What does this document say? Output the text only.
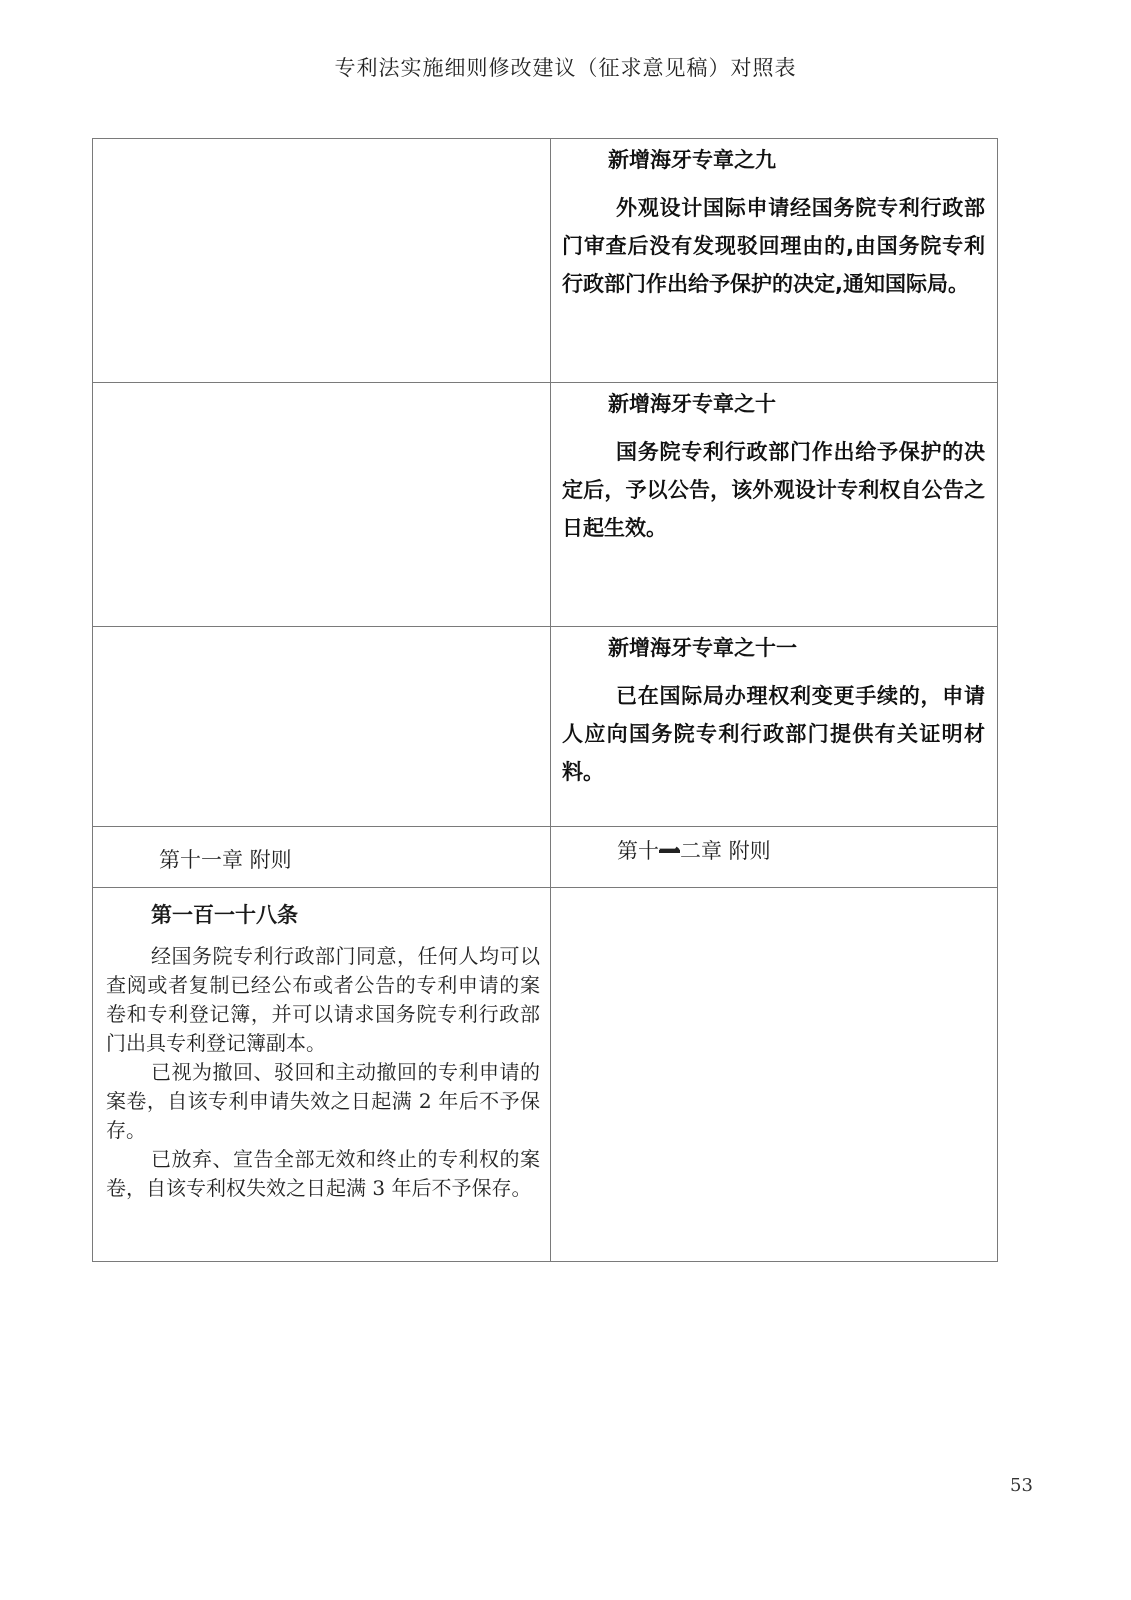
专利法实施细则修改建议（征求意见稿）对照表

	新增海牙专章之九
外观设计国际申请经国务院专利行政部门审查后没有发现驳回理由的,由国务院专利行政部门作出给予保护的决定,通知国际局。

	新增海牙专章之十
国务院专利行政部门作出给予保护的决定后，予以公告，该外观设计专利权自公告之日起生效。

	新增海牙专章之十一
已在国际局办理权利变更手续的，申请人应向国务院专利行政部门提供有关证明材料。

第十一章 附则	第十一二章 附则

第一百一十八条
经国务院专利行政部门同意，任何人均可以查阅或者复制已经公布或者公告的专利申请的案卷和专利登记簿，并可以请求国务院专利行政部门出具专利登记簿副本。
已视为撤回、驳回和主动撤回的专利申请的案卷，自该专利申请失效之日起满 2 年后不予保存。
已放弃、宣告全部无效和终止的专利权的案卷，自该专利权失效之日起满 3 年后不予保存。	

53
